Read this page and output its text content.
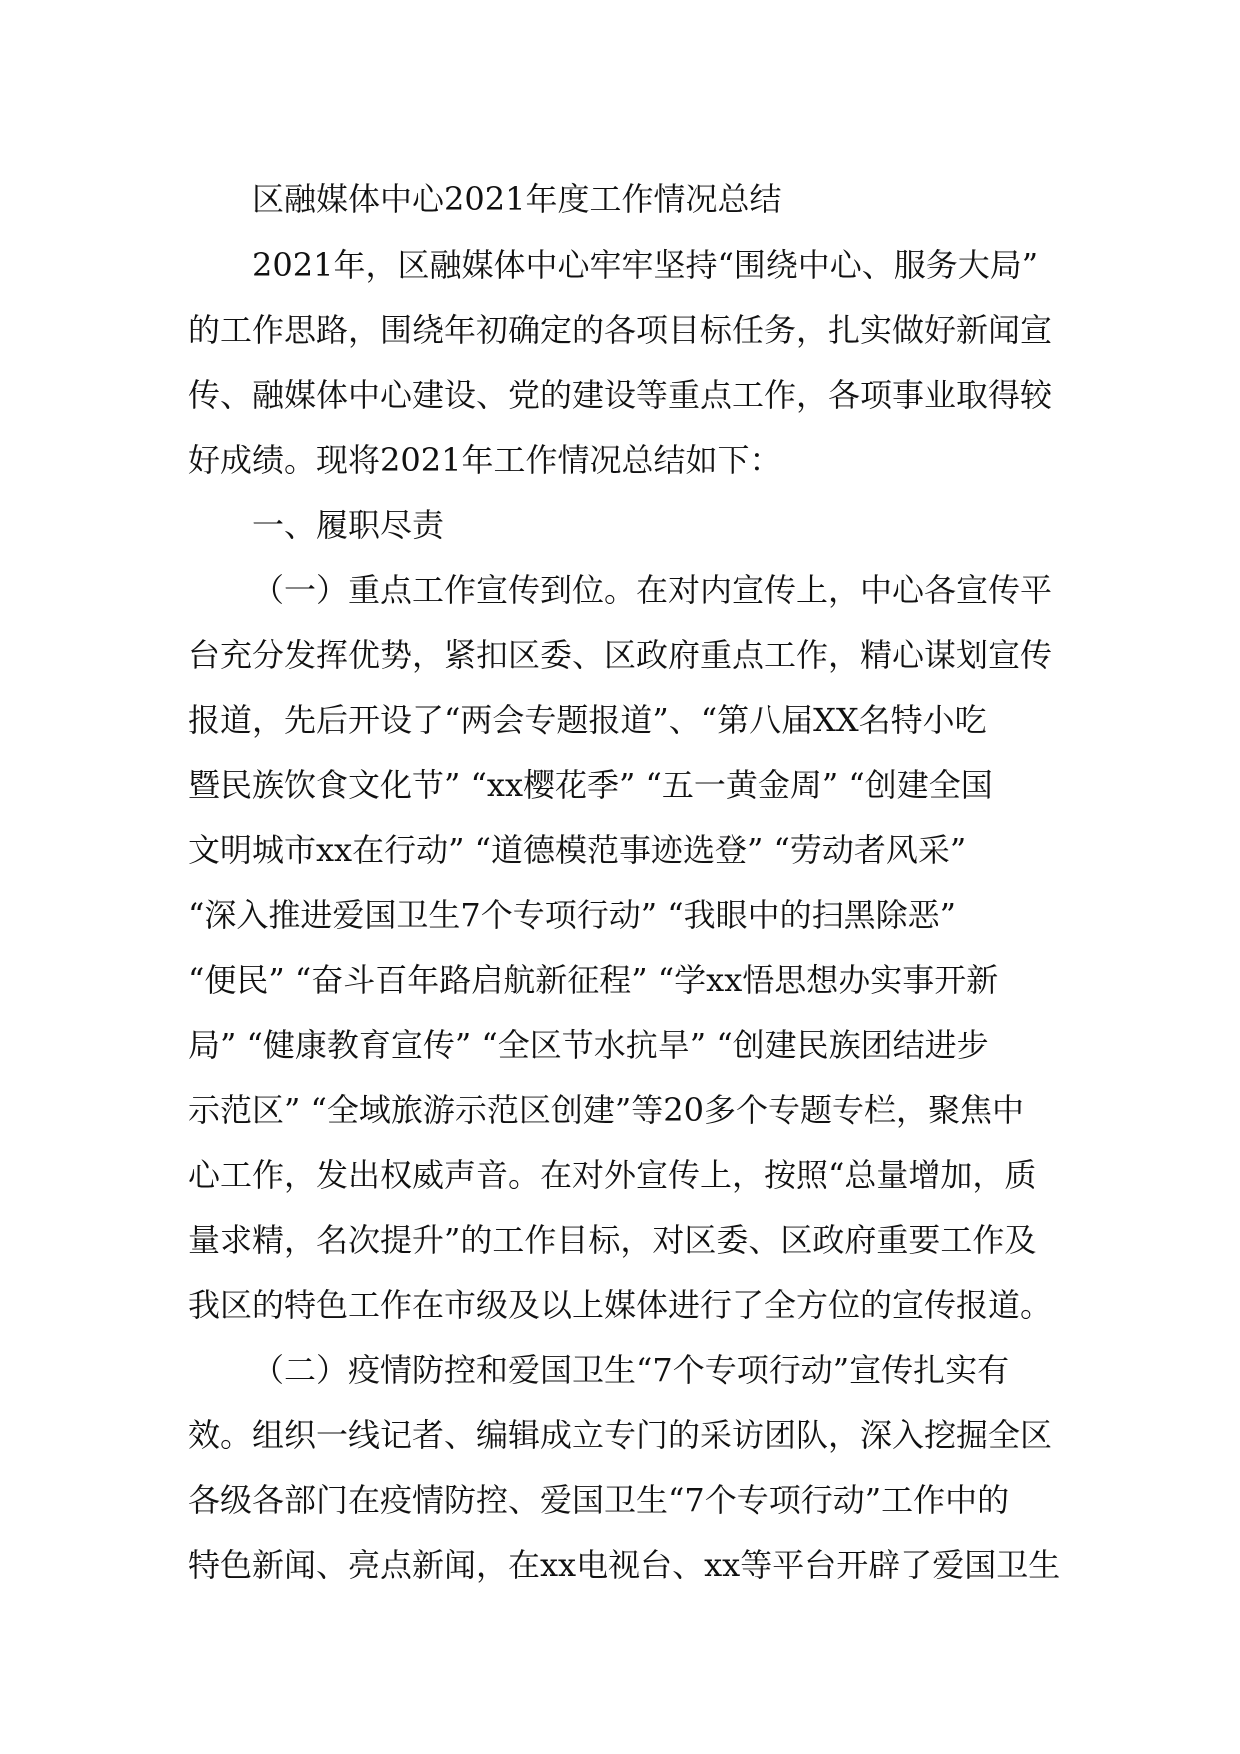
区融媒体中心2021年度工作情况总结
2021年，区融媒体中心牢牢坚持“围绕中心、服务大局”
的工作思路，围绕年初确定的各项目标任务，扎实做好新闻宣
传、融媒体中心建设、党的建设等重点工作，各项事业取得较
好成绩。现将2021年工作情况总结如下：
一、履职尽责
（一）重点工作宣传到位。在对内宣传上，中心各宣传平
台充分发挥优势，紧扣区委、区政府重点工作，精心谋划宣传
报道，先后开设了“两会专题报道”、“第八届XX名特小吃
暨民族饮食文化节” “xx樱花季” “五一黄金周” “创建全国
文明城市xx在行动” “道德模范事迹选登” “劳动者风采”
“深入推进爱国卫生7个专项行动” “我眼中的扫黑除恶”
“便民” “奋斗百年路启航新征程” “学xx悟思想办实事开新
局” “健康教育宣传” “全区节水抗旱” “创建民族团结进步
示范区” “全域旅游示范区创建”等20多个专题专栏，聚焦中
心工作，发出权威声音。在对外宣传上，按照“总量增加，质
量求精，名次提升”的工作目标，对区委、区政府重要工作及
我区的特色工作在市级及以上媒体进行了全方位的宣传报道。
（二）疫情防控和爱国卫生“7个专项行动”宣传扎实有
效。组织一线记者、编辑成立专门的采访团队，深入挖掘全区
各级各部门在疫情防控、爱国卫生“7个专项行动”工作中的
特色新闻、亮点新闻，在xx电视台、xx等平台开辟了爱国卫生
